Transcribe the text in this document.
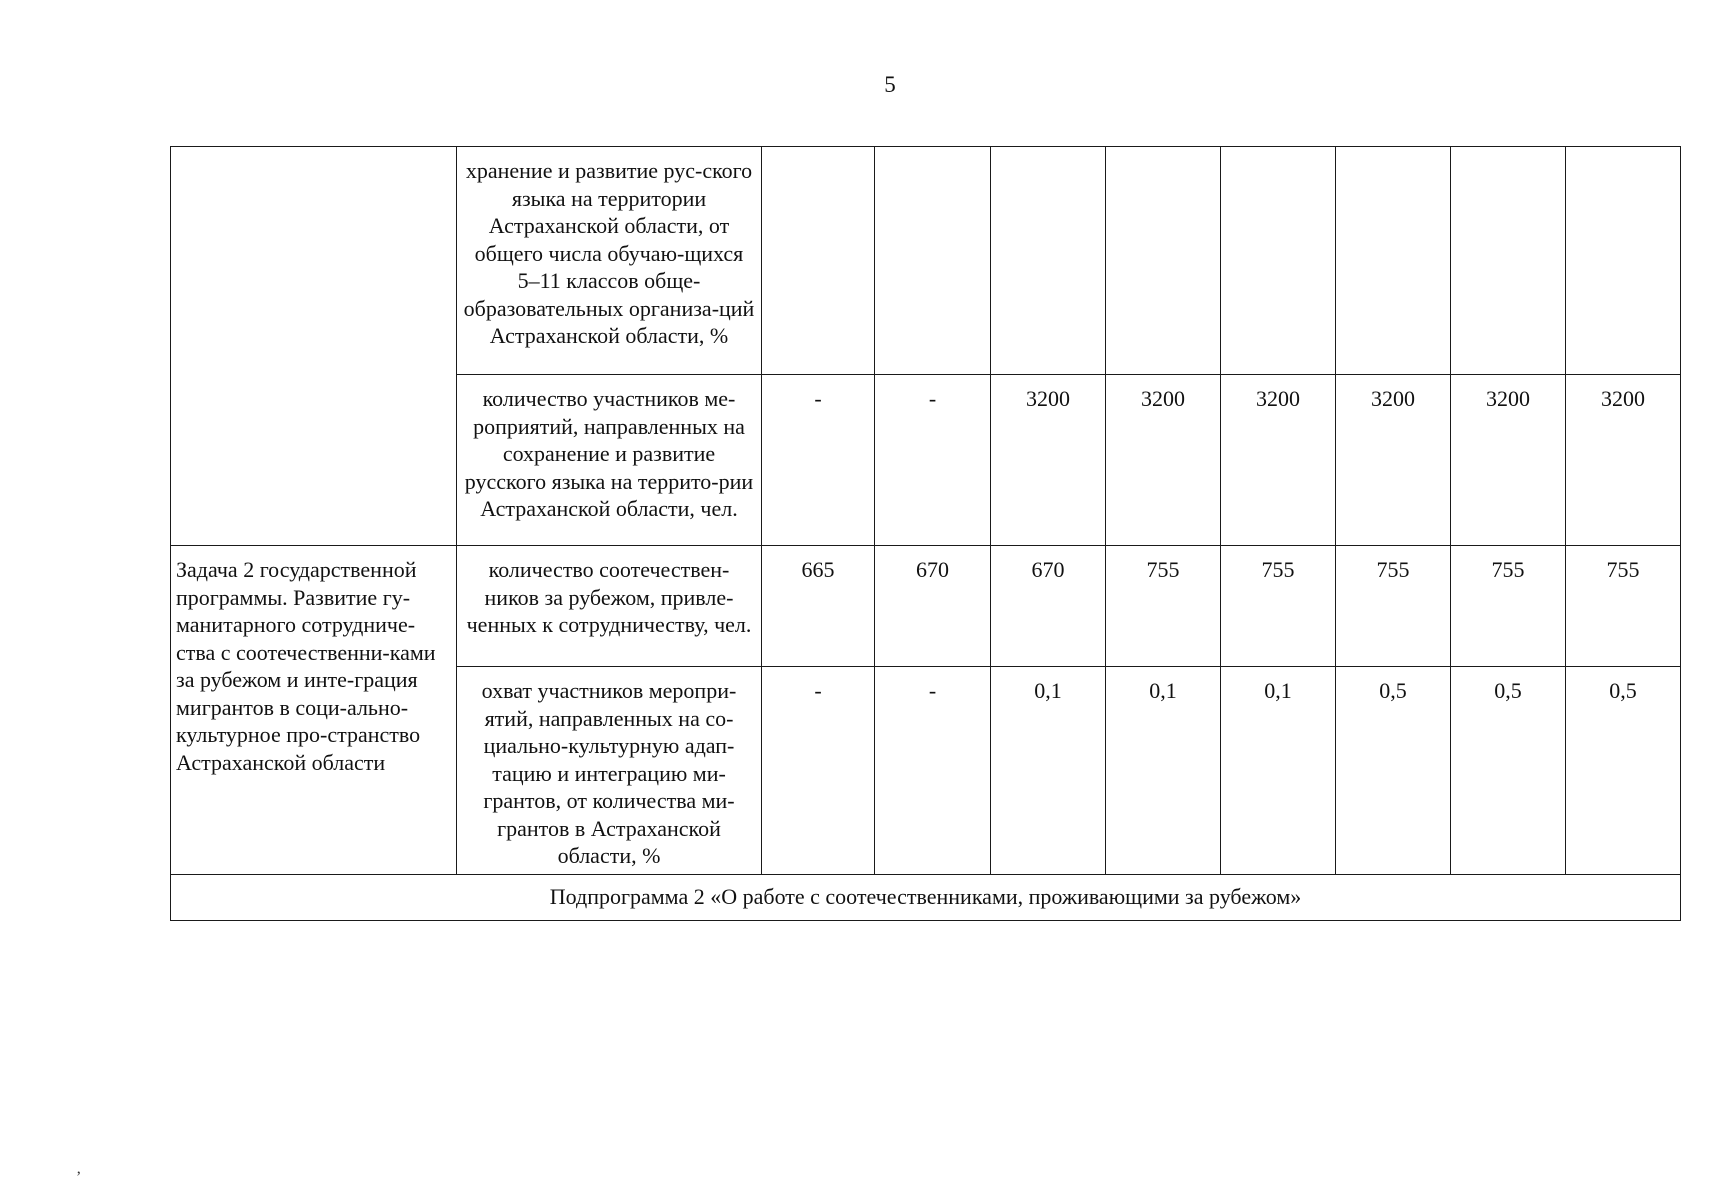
5
	хранение и развитие рус-ского языка на территории Астраханской области, от общего числа обучаю-щихся 5–11 классов обще-образовательных организа-ций Астраханской области, %								
	количество участников ме-роприятий, направленных на сохранение и развитие русского языка на террито-рии Астраханской области, чел.	-	-	3200	3200	3200	3200	3200	3200
Задача 2 государственной программы. Развитие гу-манитарного сотрудниче-ства с соотечественни-ками за рубежом и инте-грация мигрантов в соци-ально-культурное про-странство Астраханской области	количество соотечествен-ников за рубежом, привле-ченных к сотрудничеству, чел.	665	670	670	755	755	755	755	755
	охват участников меропри-ятий, направленных на со-циально-культурную адап-тацию и интеграцию ми-грантов, от количества ми-грантов в Астраханской области, %	-	-	0,1	0,1	0,1	0,5	0,5	0,5
Подпрограмма 2 «О работе с соотечественниками, проживающими за рубежом»									
‚
